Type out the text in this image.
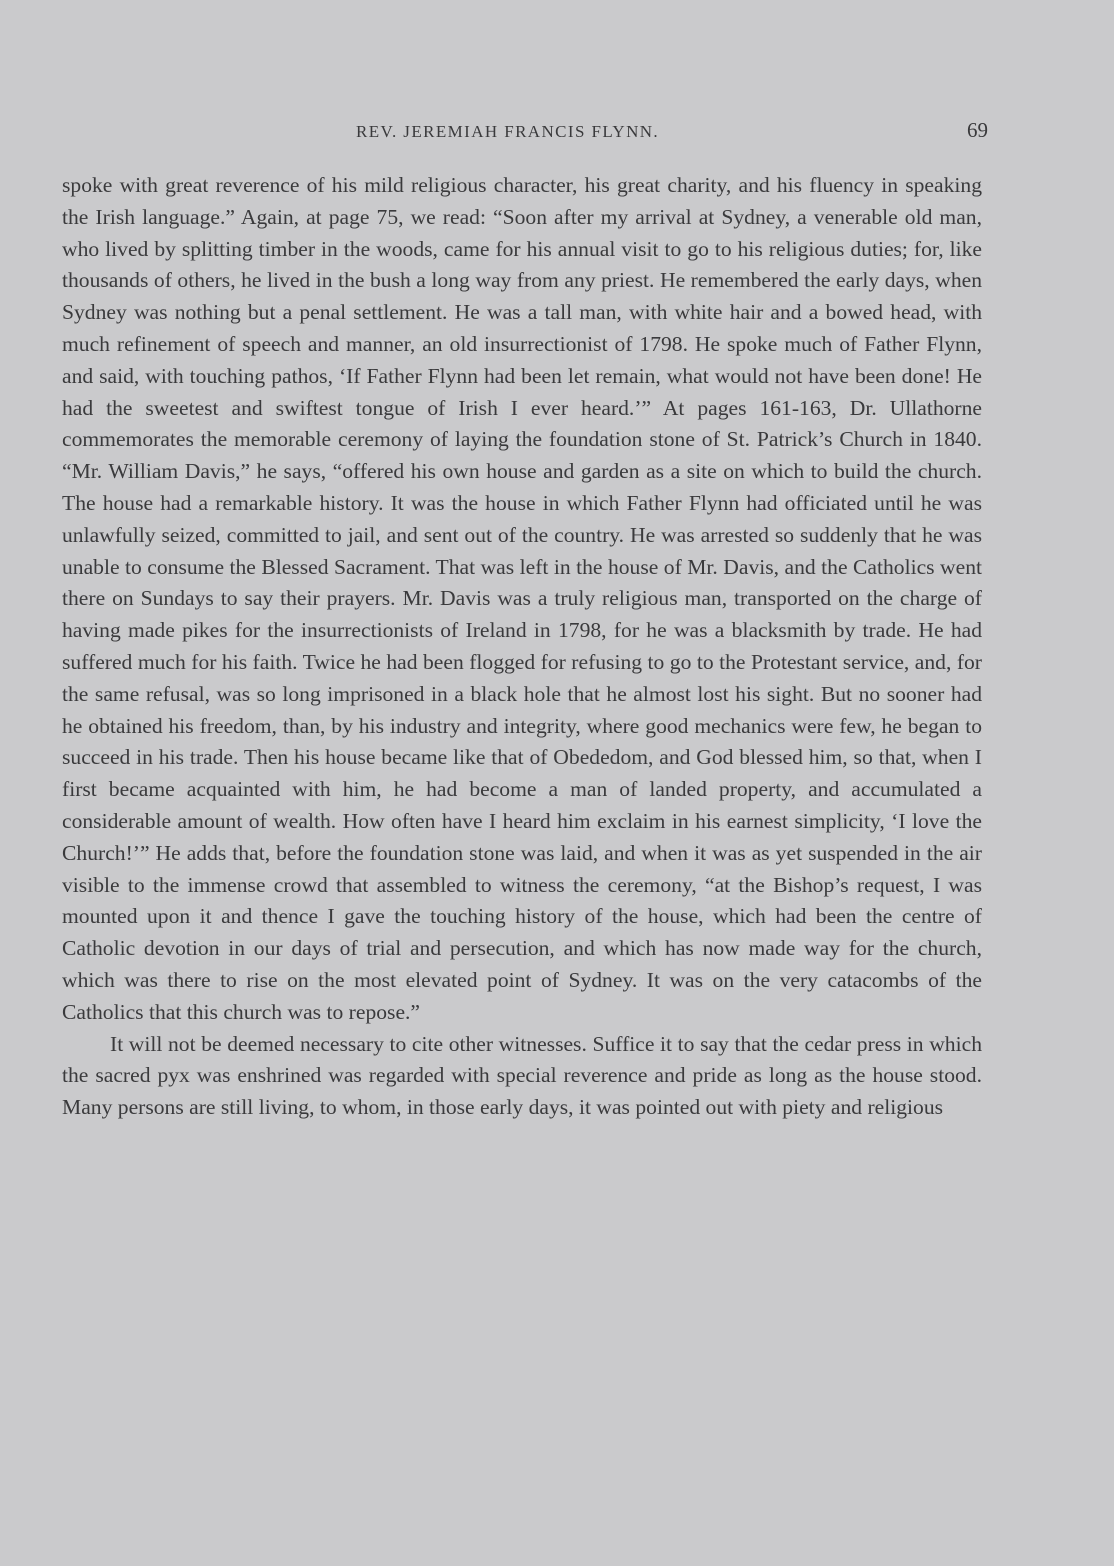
REV. JEREMIAH FRANCIS FLYNN.	69

spoke with great reverence of his mild religious character, his great charity, and his fluency in speaking the Irish language.” Again, at page 75, we read: “Soon after my arrival at Sydney, a venerable old man, who lived by splitting timber in the woods, came for his annual visit to go to his religious duties; for, like thousands of others, he lived in the bush a long way from any priest. He remembered the early days, when Sydney was nothing but a penal settlement. He was a tall man, with white hair and a bowed head, with much refinement of speech and manner, an old insurrectionist of 1798. He spoke much of Father Flynn, and said, with touching pathos, ‘If Father Flynn had been let remain, what would not have been done! He had the sweetest and swiftest tongue of Irish I ever heard.’” At pages 161-163, Dr. Ullathorne commemorates the memorable ceremony of laying the foundation stone of St. Patrick’s Church in 1840. “Mr. William Davis,” he says, “offered his own house and garden as a site on which to build the church. The house had a remarkable history. It was the house in which Father Flynn had officiated until he was unlawfully seized, committed to jail, and sent out of the country. He was arrested so suddenly that he was unable to consume the Blessed Sacrament. That was left in the house of Mr. Davis, and the Catholics went there on Sundays to say their prayers. Mr. Davis was a truly religious man, transported on the charge of having made pikes for the insurrectionists of Ireland in 1798, for he was a blacksmith by trade. He had suffered much for his faith. Twice he had been flogged for refusing to go to the Protestant service, and, for the same refusal, was so long imprisoned in a black hole that he almost lost his sight. But no sooner had he obtained his freedom, than, by his industry and integrity, where good mechanics were few, he began to succeed in his trade. Then his house became like that of Obededom, and God blessed him, so that, when I first became acquainted with him, he had become a man of landed property, and accumulated a considerable amount of wealth. How often have I heard him exclaim in his earnest simplicity, ‘I love the Church!’” He adds that, before the foundation stone was laid, and when it was as yet suspended in the air visible to the immense crowd that assembled to witness the ceremony, “at the Bishop’s request, I was mounted upon it and thence I gave the touching history of the house, which had been the centre of Catholic devotion in our days of trial and persecution, and which has now made way for the church, which was there to rise on the most elevated point of Sydney. It was on the very catacombs of the Catholics that this church was to repose.”

It will not be deemed necessary to cite other witnesses. Suffice it to say that the cedar press in which the sacred pyx was enshrined was regarded with special reverence and pride as long as the house stood. Many persons are still living, to whom, in those early days, it was pointed out with piety and religious
